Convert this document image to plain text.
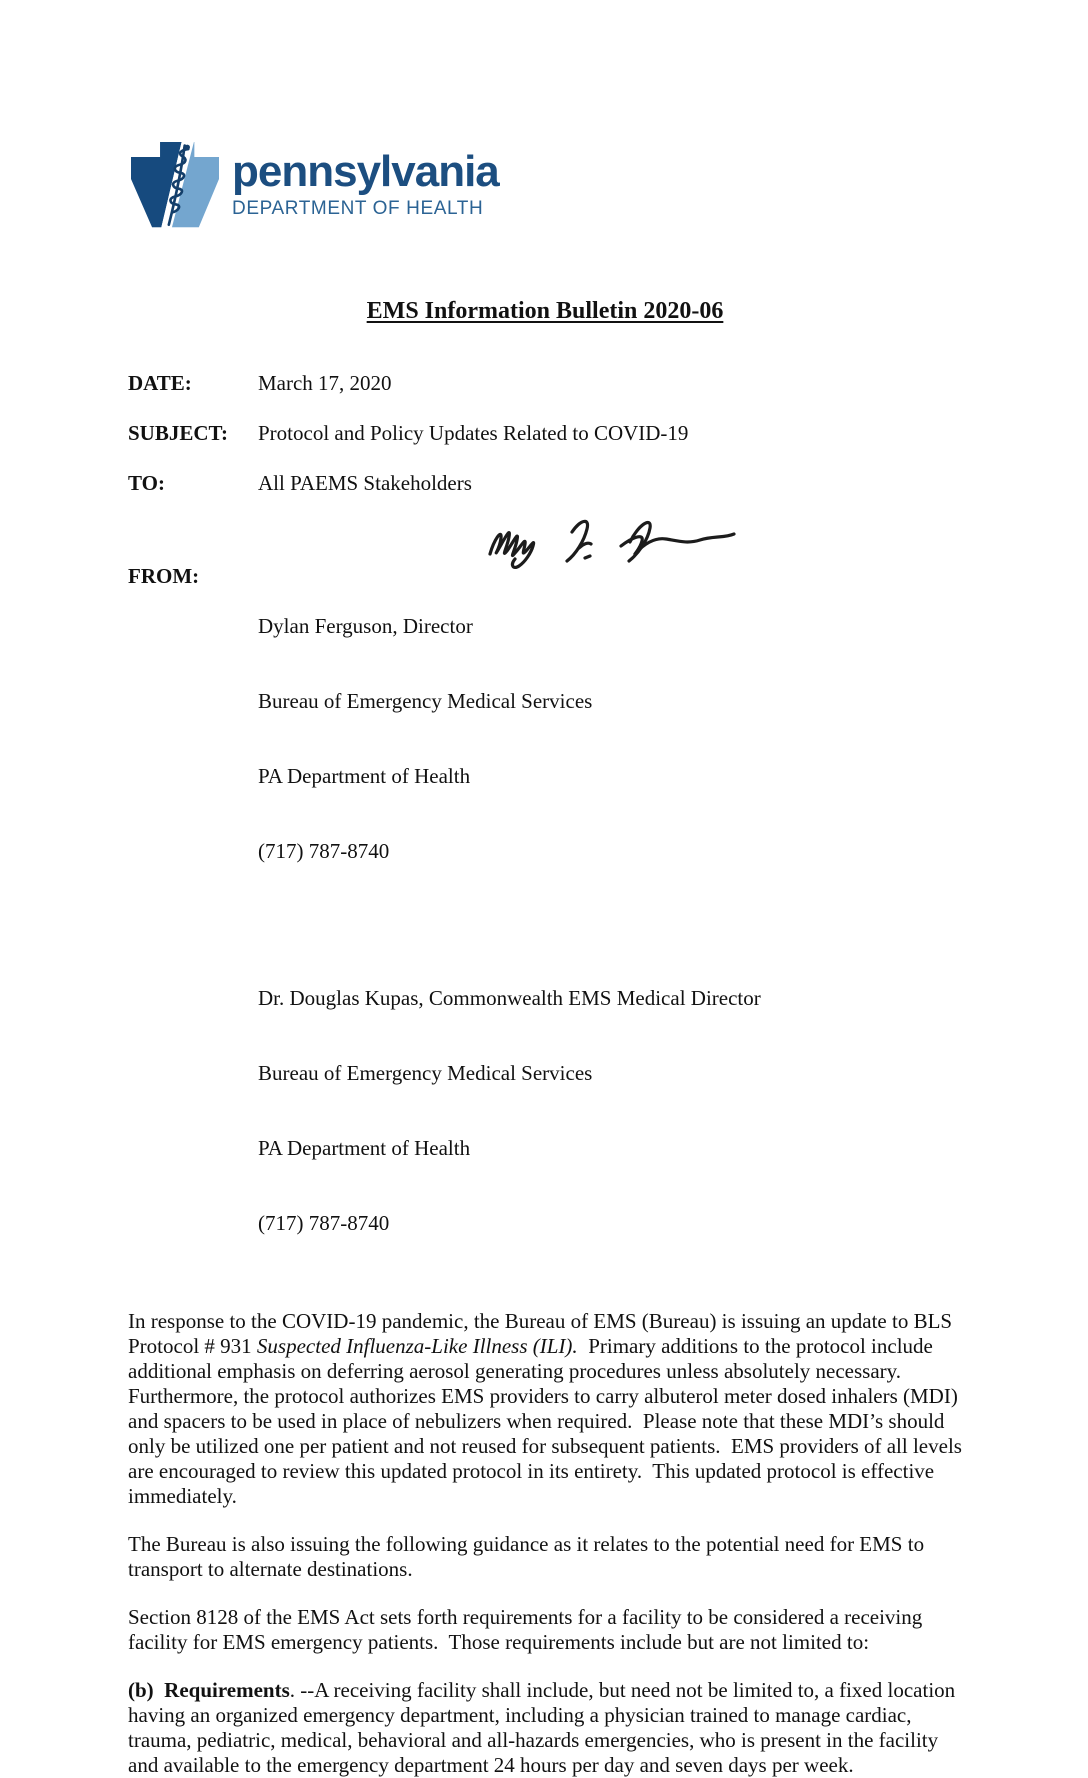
pennsylvania
DEPARTMENT OF HEALTH
EMS Information Bulletin 2020-06
DATE:	March 17, 2020
SUBJECT:	Protocol and Policy Updates Related to COVID-19
TO:	All PAEMS Stakeholders
FROM:

Dylan Ferguson, Director

Bureau of Emergency Medical Services

PA Department of Health

(717) 787-8740

Dr. Douglas Kupas, Commonwealth EMS Medical Director

Bureau of Emergency Medical Services

PA Department of Health

(717) 787-8740

In response to the COVID-19 pandemic, the Bureau of EMS (Bureau) is issuing an update to BLS Protocol # 931 Suspected Influenza-Like Illness (ILI).  Primary additions to the protocol include additional emphasis on deferring aerosol generating procedures unless absolutely necessary.  Furthermore, the protocol authorizes EMS providers to carry albuterol meter dosed inhalers (MDI) and spacers to be used in place of nebulizers when required.  Please note that these MDI’s should only be utilized one per patient and not reused for subsequent patients.  EMS providers of all levels are encouraged to review this updated protocol in its entirety.  This updated protocol is effective immediately.

The Bureau is also issuing the following guidance as it relates to the potential need for EMS to transport to alternate destinations.

Section 8128 of the EMS Act sets forth requirements for a facility to be considered a receiving facility for EMS emergency patients.  Those requirements include but are not limited to:

(b)  Requirements. --A receiving facility shall include, but need not be limited to, a fixed location having an organized emergency department, including a physician trained to manage cardiac, trauma, pediatric, medical, behavioral and all-hazards emergencies, who is present in the facility and available to the emergency department 24 hours per day and seven days per week.
